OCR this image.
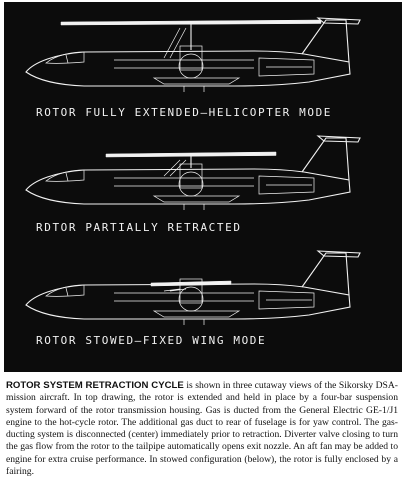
ROTOR FULLY EXTENDED—HELICOPTER MODE
RDTOR PARTIALLY RETRACTED
ROTOR STOWED—FIXED WING MODE
ROTOR SYSTEM RETRACTION CYCLE is shown in three cutaway views of the Sikorsky DSA-mission aircraft. In top drawing, the rotor is extended and held in place by a four-bar suspension system forward of the rotor transmission housing. Gas is ducted from the General Electric GE-1/J1 engine to the hot-cycle rotor. The additional gas duct to rear of fuselage is for yaw control. The gas-ducting system is disconnected (center) immediately prior to retraction. Diverter valve closing to turn the gas flow from the rotor to the tailpipe automatically opens exit nozzle. An aft fan may be added to engine for extra cruise performance. In stowed configuration (below), the rotor is fully enclosed by a fairing.
